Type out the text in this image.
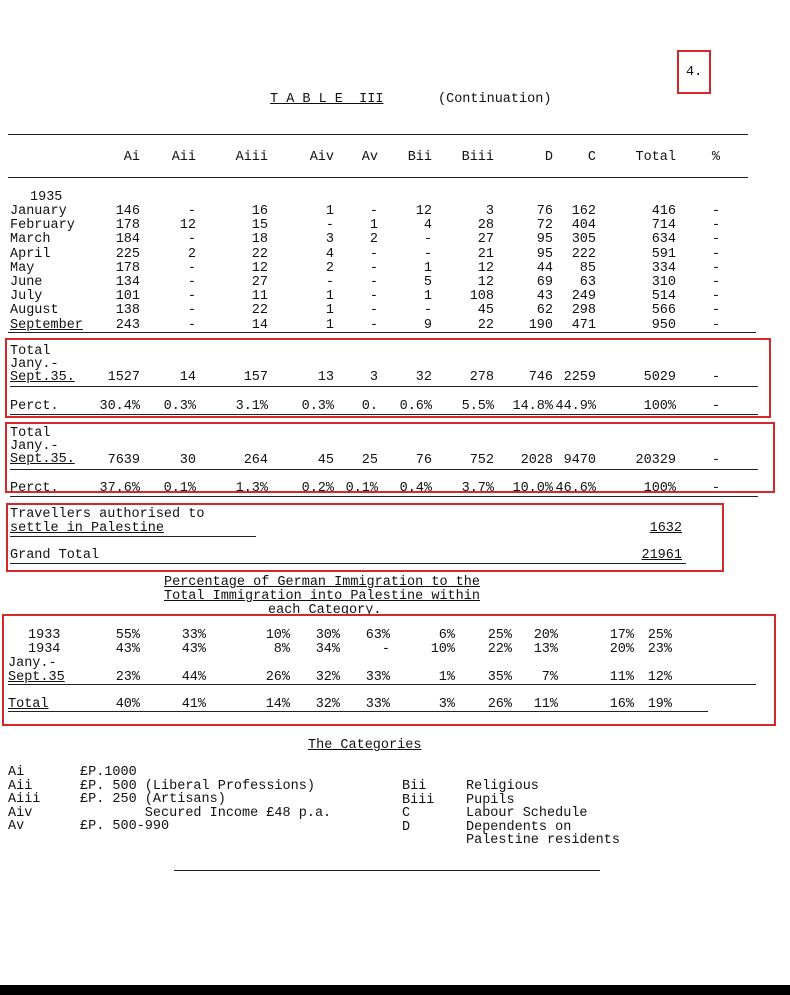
4.
T A B L E  III	(Continuation)
Ai	Aii	Aiii	Aiv	Av	Bii	Biii	D	C	Total	%
1935
January	146	-	16	1	-	12	3	76	162	416	-
February	178	12	15	-	1	4	28	72	404	714	-
March	184	-	18	3	2	-	27	95	305	634	-
April	225	2	22	4	-	-	21	95	222	591	-
May	178	-	12	2	-	1	12	44	85	334	-
June	134	-	27	-	-	5	12	69	63	310	-
July	101	-	11	1	-	1	108	43	249	514	-
August	138	-	22	1	-	-	45	62	298	566	-
September	243	-	14	1	-	9	22	190	471	950	-
Total
Jany.-
Sept.35.	1527	14	157	13	3	32	278	746 2259	5029	-
Perct.	30.4%	0.3%	3.1%	0.3%	0.	0.6%	5.5%	14.8% 44.9%	100%	-
Total
Jany.-
Sept.35.	7639	30	264	45	25	76	752	2028 9470	20329	-
Perct.	37.6%	0.1%	1.3%	0.2% 0.1%	0.4%	3.7%	10.0% 46.6%	100%	-
Travellers authorised to
settle in Palestine	1632
Grand Total	21961
Percentage of German Immigration to the
Total Immigration into Palestine within
each Category.
1933	55%	33%	10%	30%	63%	6%	25%	20%	17%	25%
1934	43%	43%	8%	34%	-	10%	22%	13%	20%	23%
Jany.-
Sept.35	23%	44%	26%	32%	33%	1%	35%	7%	11%	12%
Total	40%	41%	14%	32%	33%	3%	26%	11%	16%	19%
The Categories
Ai	£P.1000
Aii	£P. 500 (Liberal Professions)
Aiii	£P. 250 (Artisans)
Aiv	Secured Income £48 p.a.
Av	£P. 500-990
Bii	Religious
Biii Pupils
C	Labour Schedule
D	Dependents on
Palestine residents
